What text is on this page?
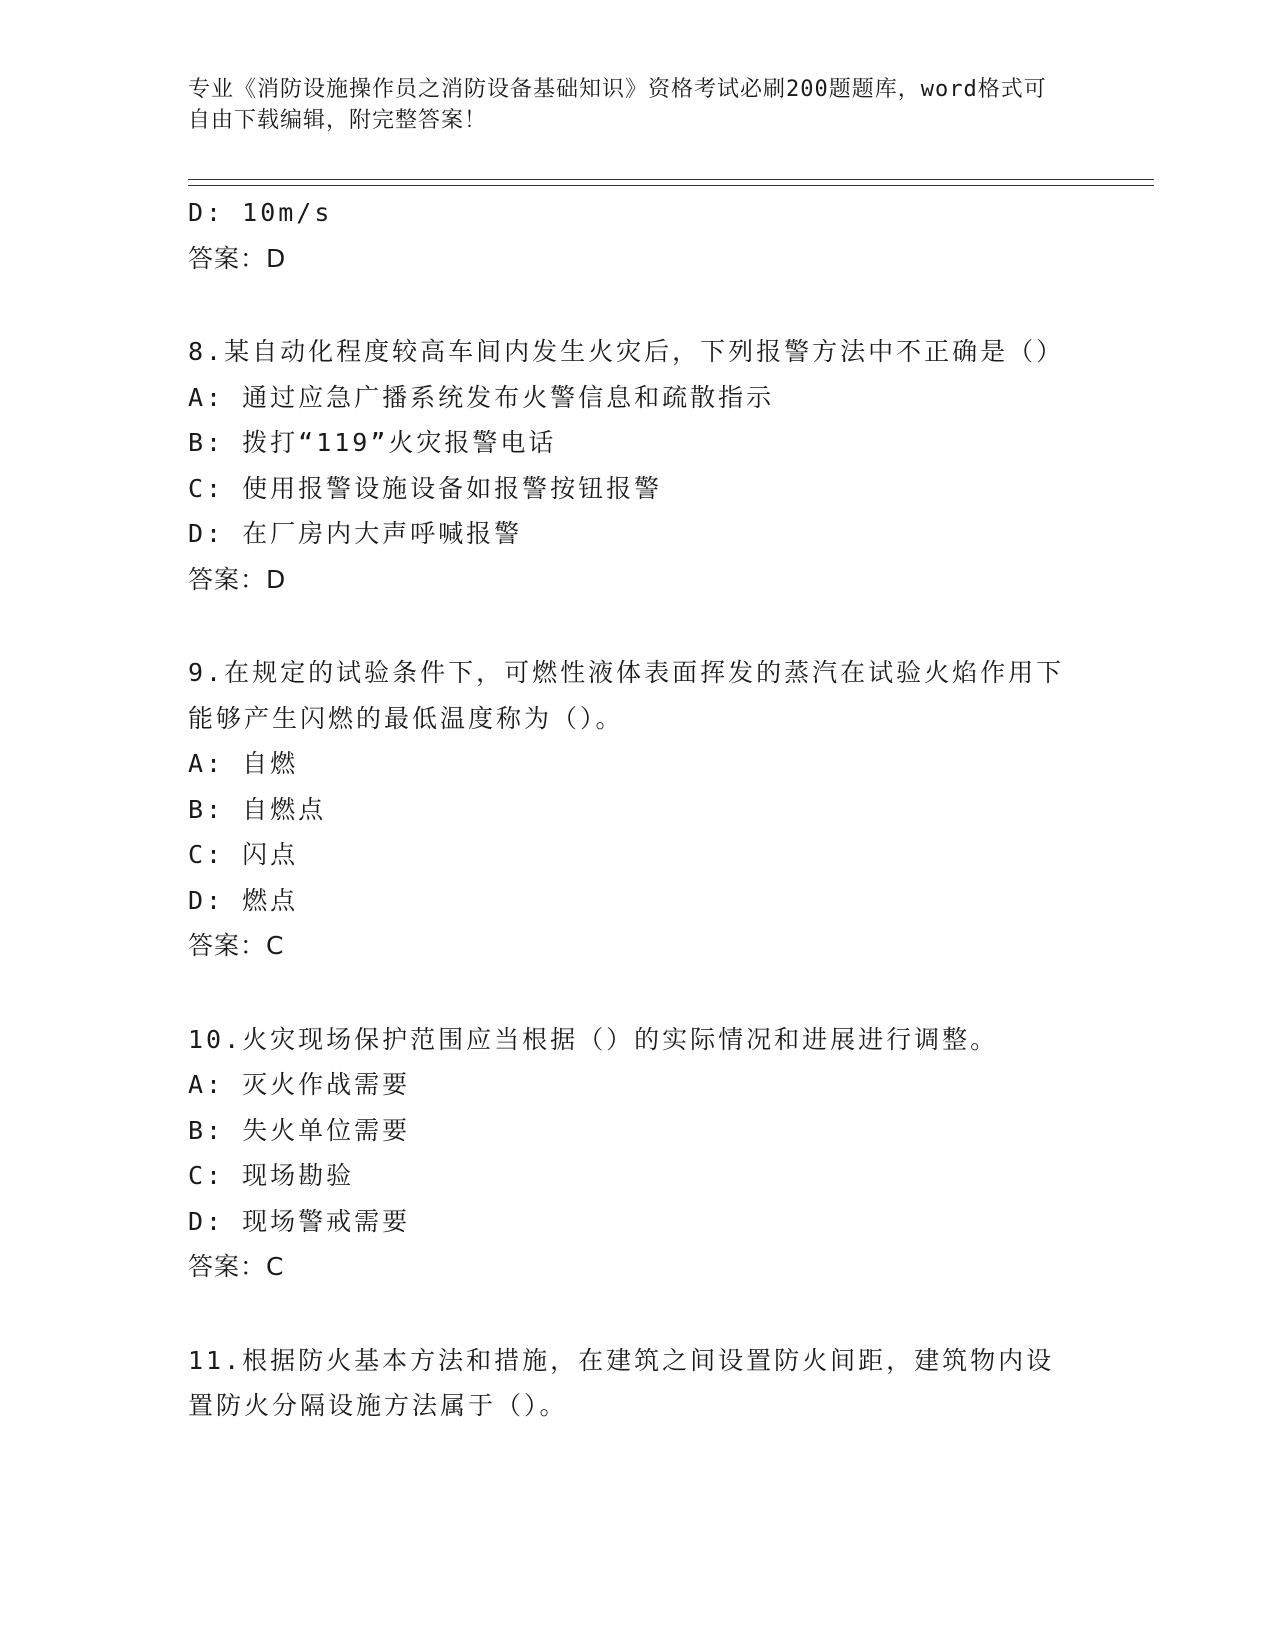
专业《消防设施操作员之消防设备基础知识》资格考试必刷200题题库，word格式可自由下载编辑，附完整答案！
D: 10m/s
答案：D
8.某自动化程度较高车间内发生火灾后，下列报警方法中不正确是（）
A: 通过应急广播系统发布火警信息和疏散指示
B: 拨打“119”火灾报警电话
C: 使用报警设施设备如报警按钮报警
D: 在厂房内大声呼喊报警
答案：D
9.在规定的试验条件下，可燃性液体表面挥发的蒸汽在试验火焰作用下能够产生闪燃的最低温度称为（）。
A: 自燃
B: 自燃点
C: 闪点
D: 燃点
答案：C
10.火灾现场保护范围应当根据（）的实际情况和进展进行调整。
A: 灭火作战需要
B: 失火单位需要
C: 现场勘验
D: 现场警戒需要
答案：C
11.根据防火基本方法和措施，在建筑之间设置防火间距，建筑物内设置防火分隔设施方法属于（）。
